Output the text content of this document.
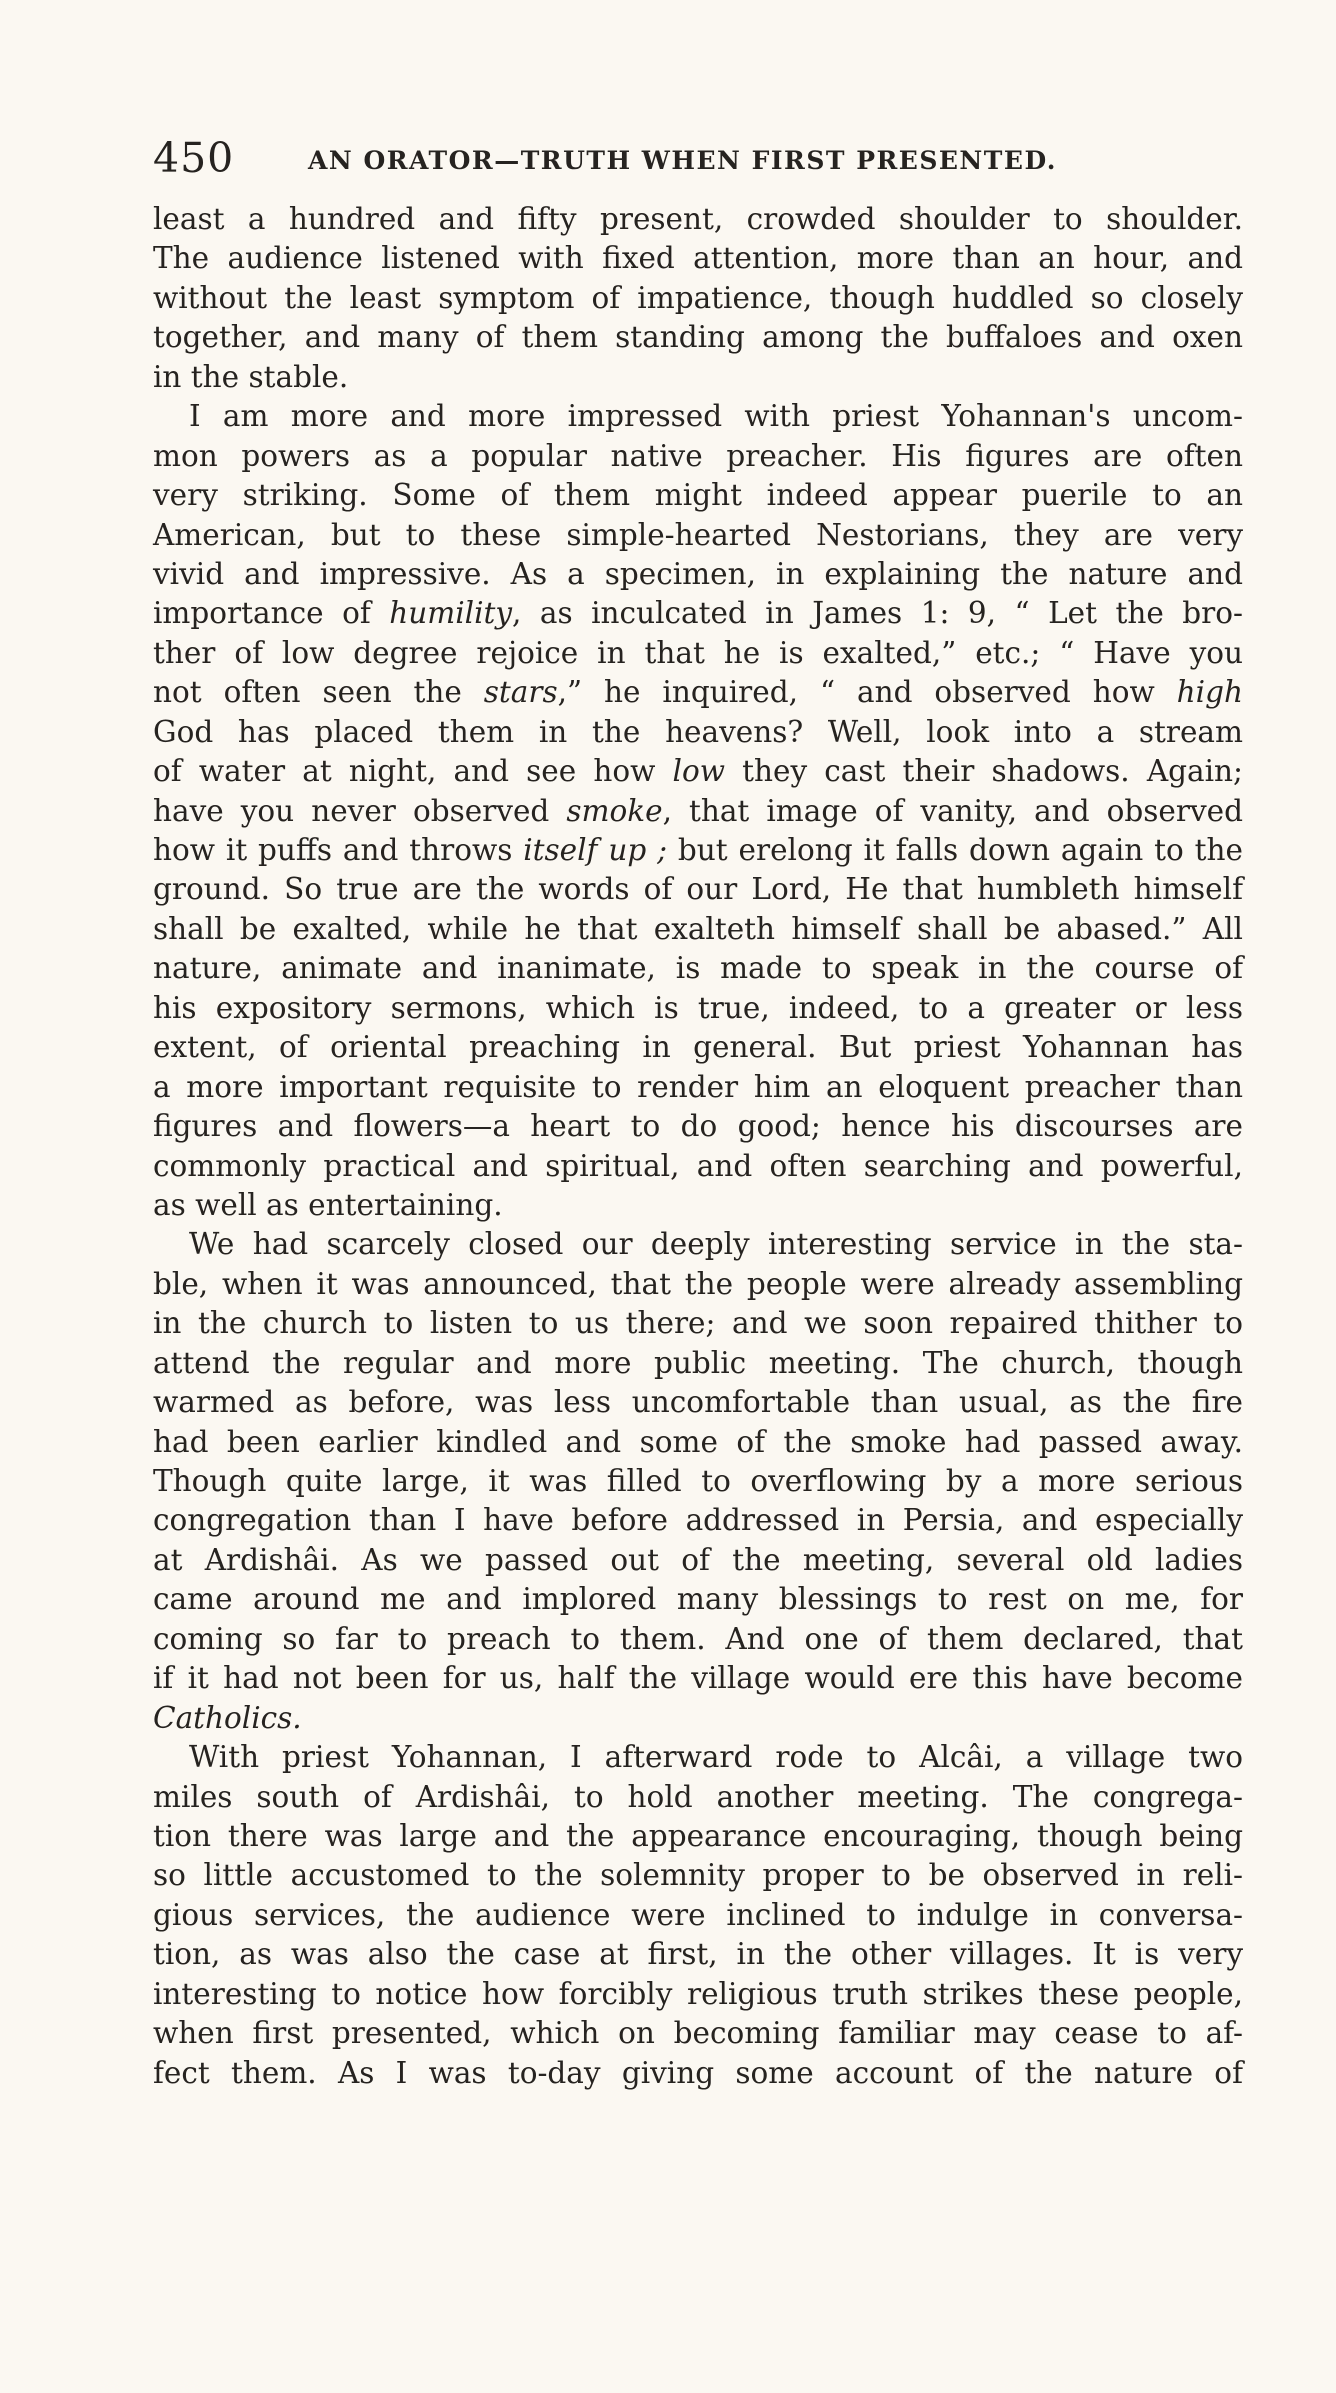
450	AN ORATOR—TRUTH WHEN FIRST PRESENTED.
least a hundred and fifty present, crowded shoulder to shoulder.
The audience listened with fixed attention, more than an hour, and
without the least symptom of impatience, though huddled so closely
together, and many of them standing among the buffaloes and oxen
in the stable.
I am more and more impressed with priest Yohannan's uncom-
mon powers as a popular native preacher. His figures are often
very striking. Some of them might indeed appear puerile to an
American, but to these simple-hearted Nestorians, they are very
vivid and impressive. As a specimen, in explaining the nature and
importance of humility, as inculcated in James 1: 9, “ Let the bro-
ther of low degree rejoice in that he is exalted,” etc.; “ Have you
not often seen the stars,” he inquired, “ and observed how high
God has placed them in the heavens? Well, look into a stream
of water at night, and see how low they cast their shadows. Again;
have you never observed smoke, that image of vanity, and observed
how it puffs and throws itself up ; but erelong it falls down again to the
ground. So true are the words of our Lord, He that humbleth himself
shall be exalted, while he that exalteth himself shall be abased.” All
nature, animate and inanimate, is made to speak in the course of
his expository sermons, which is true, indeed, to a greater or less
extent, of oriental preaching in general. But priest Yohannan has
a more important requisite to render him an eloquent preacher than
figures and flowers—a heart to do good; hence his discourses are
commonly practical and spiritual, and often searching and powerful,
as well as entertaining.
We had scarcely closed our deeply interesting service in the sta-
ble, when it was announced, that the people were already assembling
in the church to listen to us there; and we soon repaired thither to
attend the regular and more public meeting. The church, though
warmed as before, was less uncomfortable than usual, as the fire
had been earlier kindled and some of the smoke had passed away.
Though quite large, it was filled to overflowing by a more serious
congregation than I have before addressed in Persia, and especially
at Ardishâi. As we passed out of the meeting, several old ladies
came around me and implored many blessings to rest on me, for
coming so far to preach to them. And one of them declared, that
if it had not been for us, half the village would ere this have become
Catholics.
With priest Yohannan, I afterward rode to Alcâi, a village two
miles south of Ardishâi, to hold another meeting. The congrega-
tion there was large and the appearance encouraging, though being
so little accustomed to the solemnity proper to be observed in reli-
gious services, the audience were inclined to indulge in conversa-
tion, as was also the case at first, in the other villages. It is very
interesting to notice how forcibly religious truth strikes these people,
when first presented, which on becoming familiar may cease to af-
fect them. As I was to-day giving some account of the nature of
